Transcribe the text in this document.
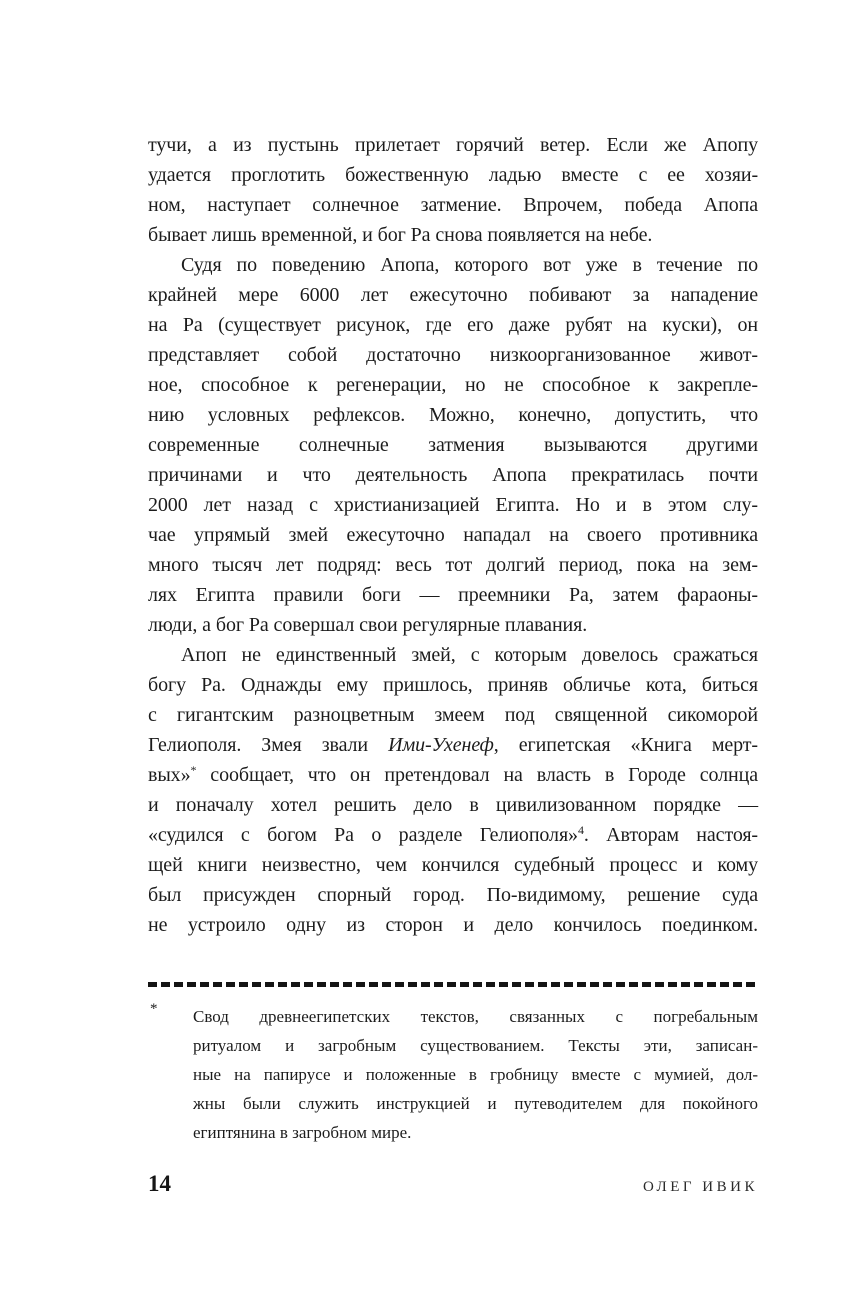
тучи, а из пустынь прилетает горячий ветер. Если же Апопу
удается проглотить божественную ладью вместе с ее хозяи-
ном, наступает солнечное затмение. Впрочем, победа Апопа
бывает лишь временной, и бог Ра снова появляется на небе.
Судя по поведению Апопа, которого вот уже в течение по
крайней мере 6000 лет ежесуточно побивают за нападение
на Ра (существует рисунок, где его даже рубят на куски), он
представляет собой достаточно низкоорганизованное живот-
ное, способное к регенерации, но не способное к закрепле-
нию условных рефлексов. Можно, конечно, допустить, что
современные солнечные затмения вызываются другими
причинами и что деятельность Апопа прекратилась почти
2000 лет назад с христианизацией Египта. Но и в этом слу-
чае упрямый змей ежесуточно нападал на своего противника
много тысяч лет подряд: весь тот долгий период, пока на зем-
лях Египта правили боги — преемники Ра, затем фараоны-
люди, а бог Ра совершал свои регулярные плавания.
Апоп не единственный змей, с которым довелось сражаться
богу Ра. Однажды ему пришлось, приняв обличье кота, биться
с гигантским разноцветным змеем под священной сикоморой
Гелиополя. Змея звали Ими-Ухенеф, египетская «Книга мерт-
вых»* сообщает, что он претендовал на власть в Городе солнца
и поначалу хотел решить дело в цивилизованном порядке —
«судился с богом Ра о разделе Гелиополя»$^4$. Авторам настоя-
щей книги неизвестно, чем кончился судебный процесс и кому
был присужден спорный город. По-видимому, решение суда
не устроило одну из сторон и дело кончилось поединком.
* Свод древнеегипетских текстов, связанных с погребальным
ритуалом и загробным существованием. Тексты эти, записан-
ные на папирусе и положенные в гробницу вместе с мумией, дол-
жны были служить инструкцией и путеводителем для покойного
египтянина в загробном мире.
14	ОЛЕГ ИВИК
